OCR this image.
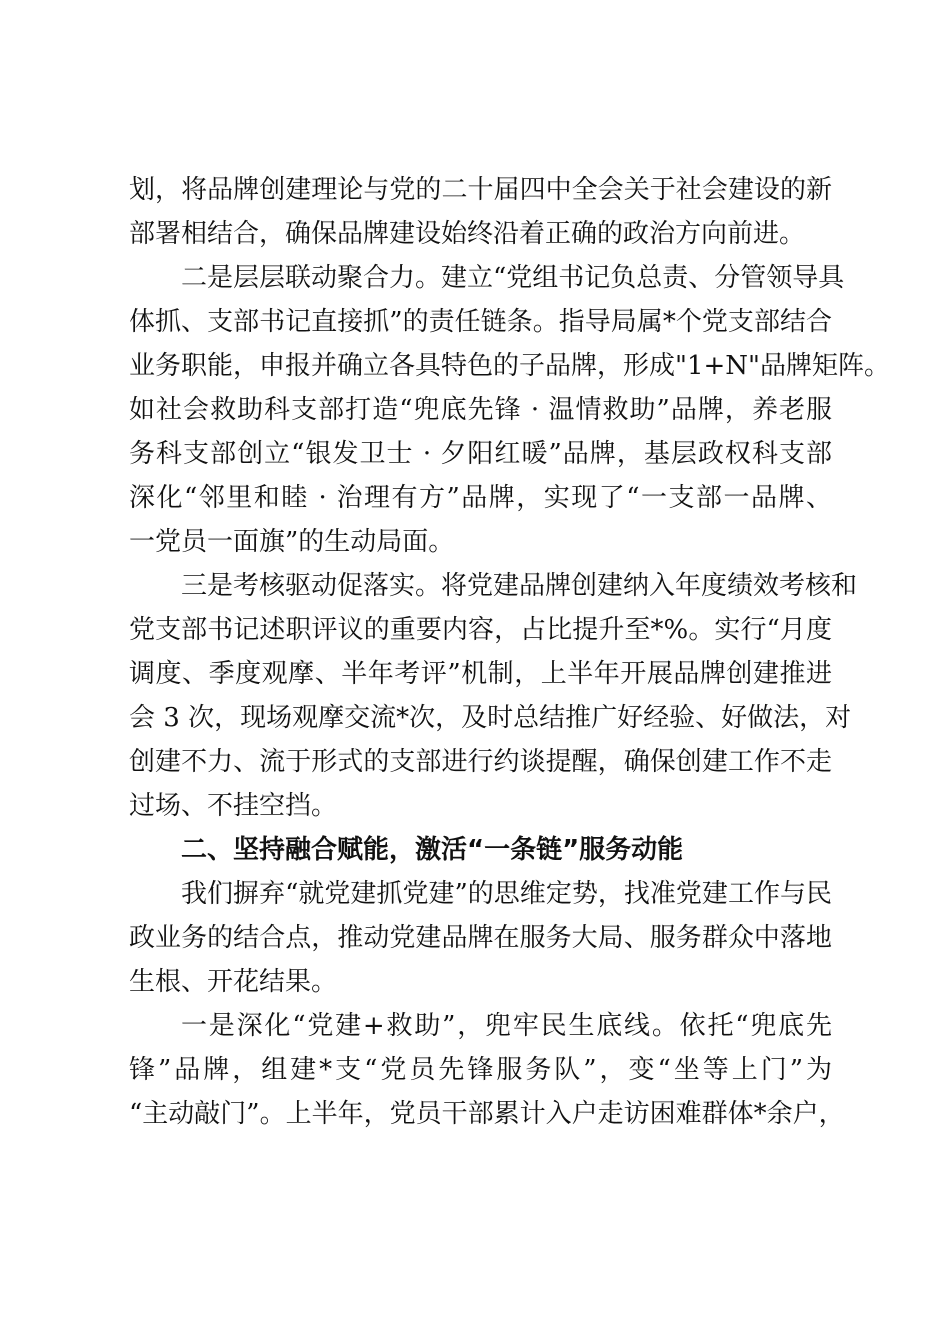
划，将品牌创建理论与党的二十届四中全会关于社会建设的新
部署相结合，确保品牌建设始终沿着正确的政治方向前进。
二是层层联动聚合力。建立“党组书记负总责、分管领导具
体抓、支部书记直接抓”的责任链条。指导局属*个党支部结合
业务职能，申报并确立各具特色的子品牌，形成"1+N"品牌矩阵。
如社会救助科支部打造“兜底先锋 · 温情救助”品牌，养老服
务科支部创立“银发卫士 · 夕阳红暖”品牌，基层政权科支部
深化“邻里和睦 · 治理有方”品牌，实现了“一支部一品牌、
一党员一面旗”的生动局面。
三是考核驱动促落实。将党建品牌创建纳入年度绩效考核和
党支部书记述职评议的重要内容，占比提升至*%。实行“月度
调度、季度观摩、半年考评”机制，上半年开展品牌创建推进
会 3 次，现场观摩交流*次，及时总结推广好经验、好做法，对
创建不力、流于形式的支部进行约谈提醒，确保创建工作不走
过场、不挂空挡。
二、坚持融合赋能，激活“一条链”服务动能
我们摒弃“就党建抓党建”的思维定势，找准党建工作与民
政业务的结合点，推动党建品牌在服务大局、服务群众中落地
生根、开花结果。
一是深化“党建+救助”，兜牢民生底线。依托“兜底先
锋”品牌，组建*支“党员先锋服务队”，变“坐等上门”为
“主动敲门”。上半年，党员干部累计入户走访困难群体*余户，
